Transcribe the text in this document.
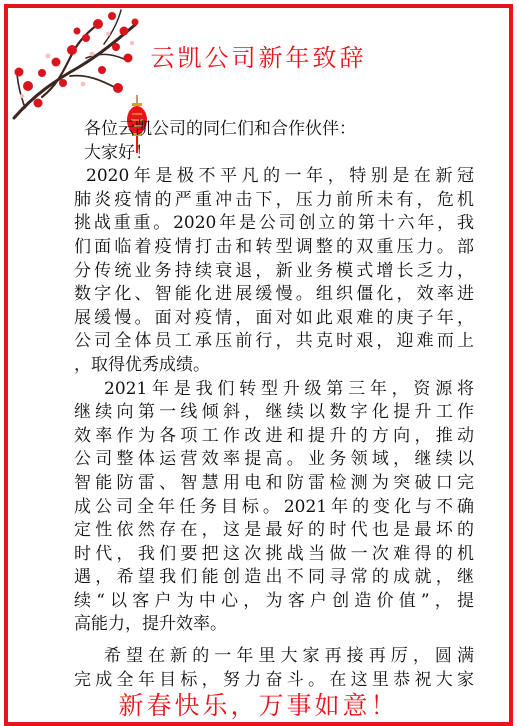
云凯公司新年致辞
各位云凯公司的同仁们和合作伙伴：
大家好！
2020年是极不平凡的一年，特别是在新冠
肺炎疫情的严重冲击下，压力前所未有，危机
挑战重重。2020年是公司创立的第十六年，我
们面临着疫情打击和转型调整的双重压力。部
分传统业务持续衰退，新业务模式增长乏力，
数字化、智能化进展缓慢。组织僵化，效率进
展缓慢。面对疫情，面对如此艰难的庚子年，
公司全体员工承压前行，共克时艰，迎难而上
，取得优秀成绩。
2021年是我们转型升级第三年，资源将
继续向第一线倾斜，继续以数字化提升工作
效率作为各项工作改进和提升的方向，推动
公司整体运营效率提高。业务领域，继续以
智能防雷、智慧用电和防雷检测为突破口完
成公司全年任务目标。2021年的变化与不确
定性依然存在，这是最好的时代也是最坏的
时代，我们要把这次挑战当做一次难得的机
遇，希望我们能创造出不同寻常的成就，继
续“以客户为中心，为客户创造价值”，提
高能力，提升效率。
希望在新的一年里大家再接再厉，圆满
完成全年目标，努力奋斗。在这里恭祝大家
新春快乐，万事如意！
